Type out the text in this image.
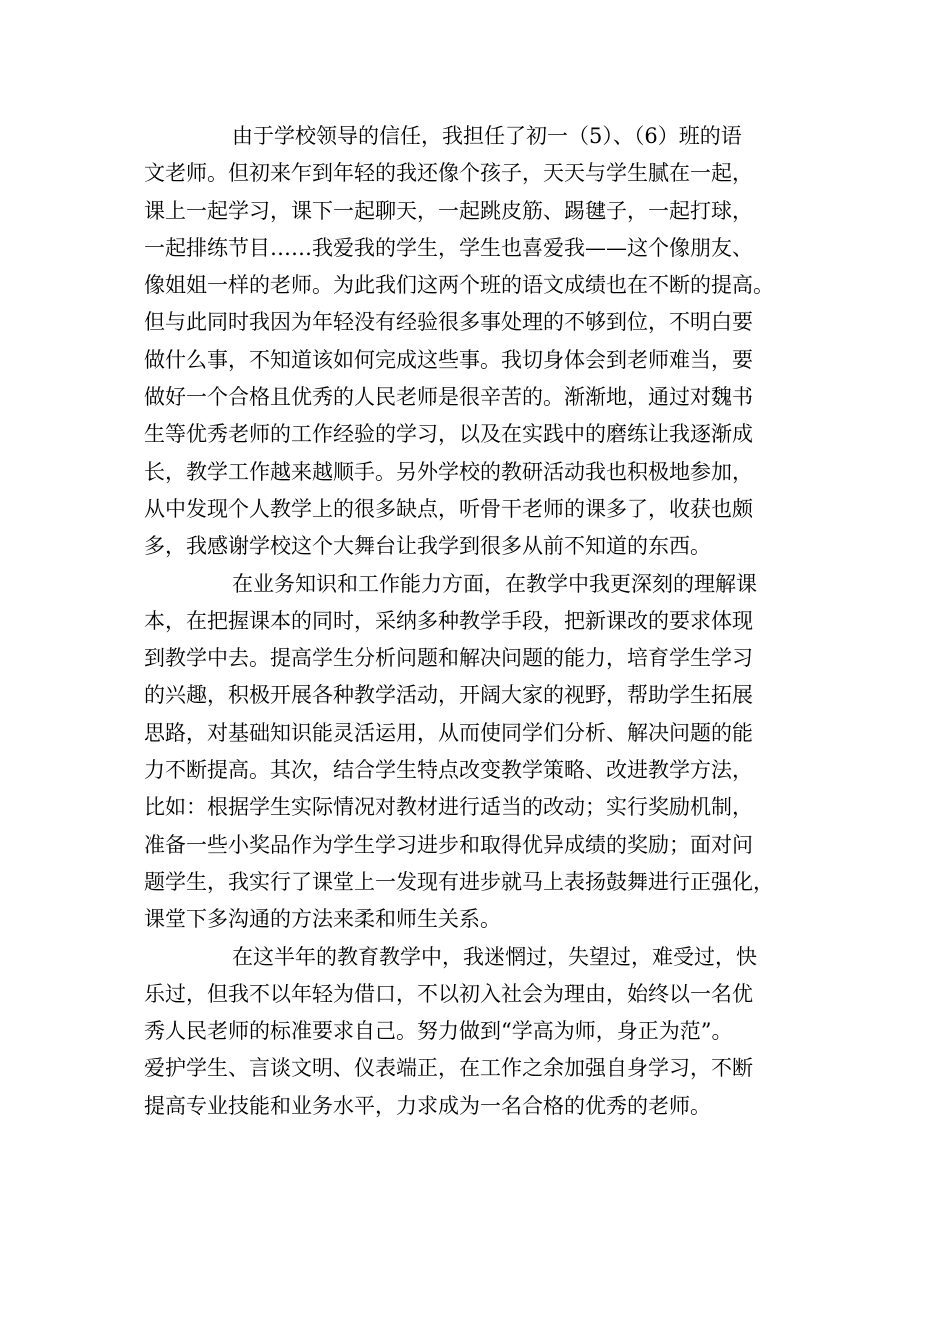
由于学校领导的信任，我担任了初一（5）、（6）班的语
文老师。但初来乍到年轻的我还像个孩子，天天与学生腻在一起，
课上一起学习，课下一起聊天，一起跳皮筋、踢毽子，一起打球，
一起排练节目……我爱我的学生，学生也喜爱我——这个像朋友、
像姐姐一样的老师。为此我们这两个班的语文成绩也在不断的提高。
但与此同时我因为年轻没有经验很多事处理的不够到位，不明白要
做什么事，不知道该如何完成这些事。我切身体会到老师难当，要
做好一个合格且优秀的人民老师是很辛苦的。渐渐地，通过对魏书
生等优秀老师的工作经验的学习，以及在实践中的磨练让我逐渐成
长，教学工作越来越顺手。另外学校的教研活动我也积极地参加，
从中发现个人教学上的很多缺点，听骨干老师的课多了，收获也颇
多，我感谢学校这个大舞台让我学到很多从前不知道的东西。
在业务知识和工作能力方面，在教学中我更深刻的理解课
本，在把握课本的同时，采纳多种教学手段，把新课改的要求体现
到教学中去。提高学生分析问题和解决问题的能力，培育学生学习
的兴趣，积极开展各种教学活动，开阔大家的视野，帮助学生拓展
思路，对基础知识能灵活运用，从而使同学们分析、解决问题的能
力不断提高。其次，结合学生特点改变教学策略、改进教学方法，
比如：根据学生实际情况对教材进行适当的改动；实行奖励机制，
准备一些小奖品作为学生学习进步和取得优异成绩的奖励；面对问
题学生，我实行了课堂上一发现有进步就马上表扬鼓舞进行正强化，
课堂下多沟通的方法来柔和师生关系。
在这半年的教育教学中，我迷惘过，失望过，难受过，快
乐过，但我不以年轻为借口，不以初入社会为理由，始终以一名优
秀人民老师的标准要求自己。努力做到“学高为师，身正为范”。
爱护学生、言谈文明、仪表端正，在工作之余加强自身学习，不断
提高专业技能和业务水平，力求成为一名合格的优秀的老师。
